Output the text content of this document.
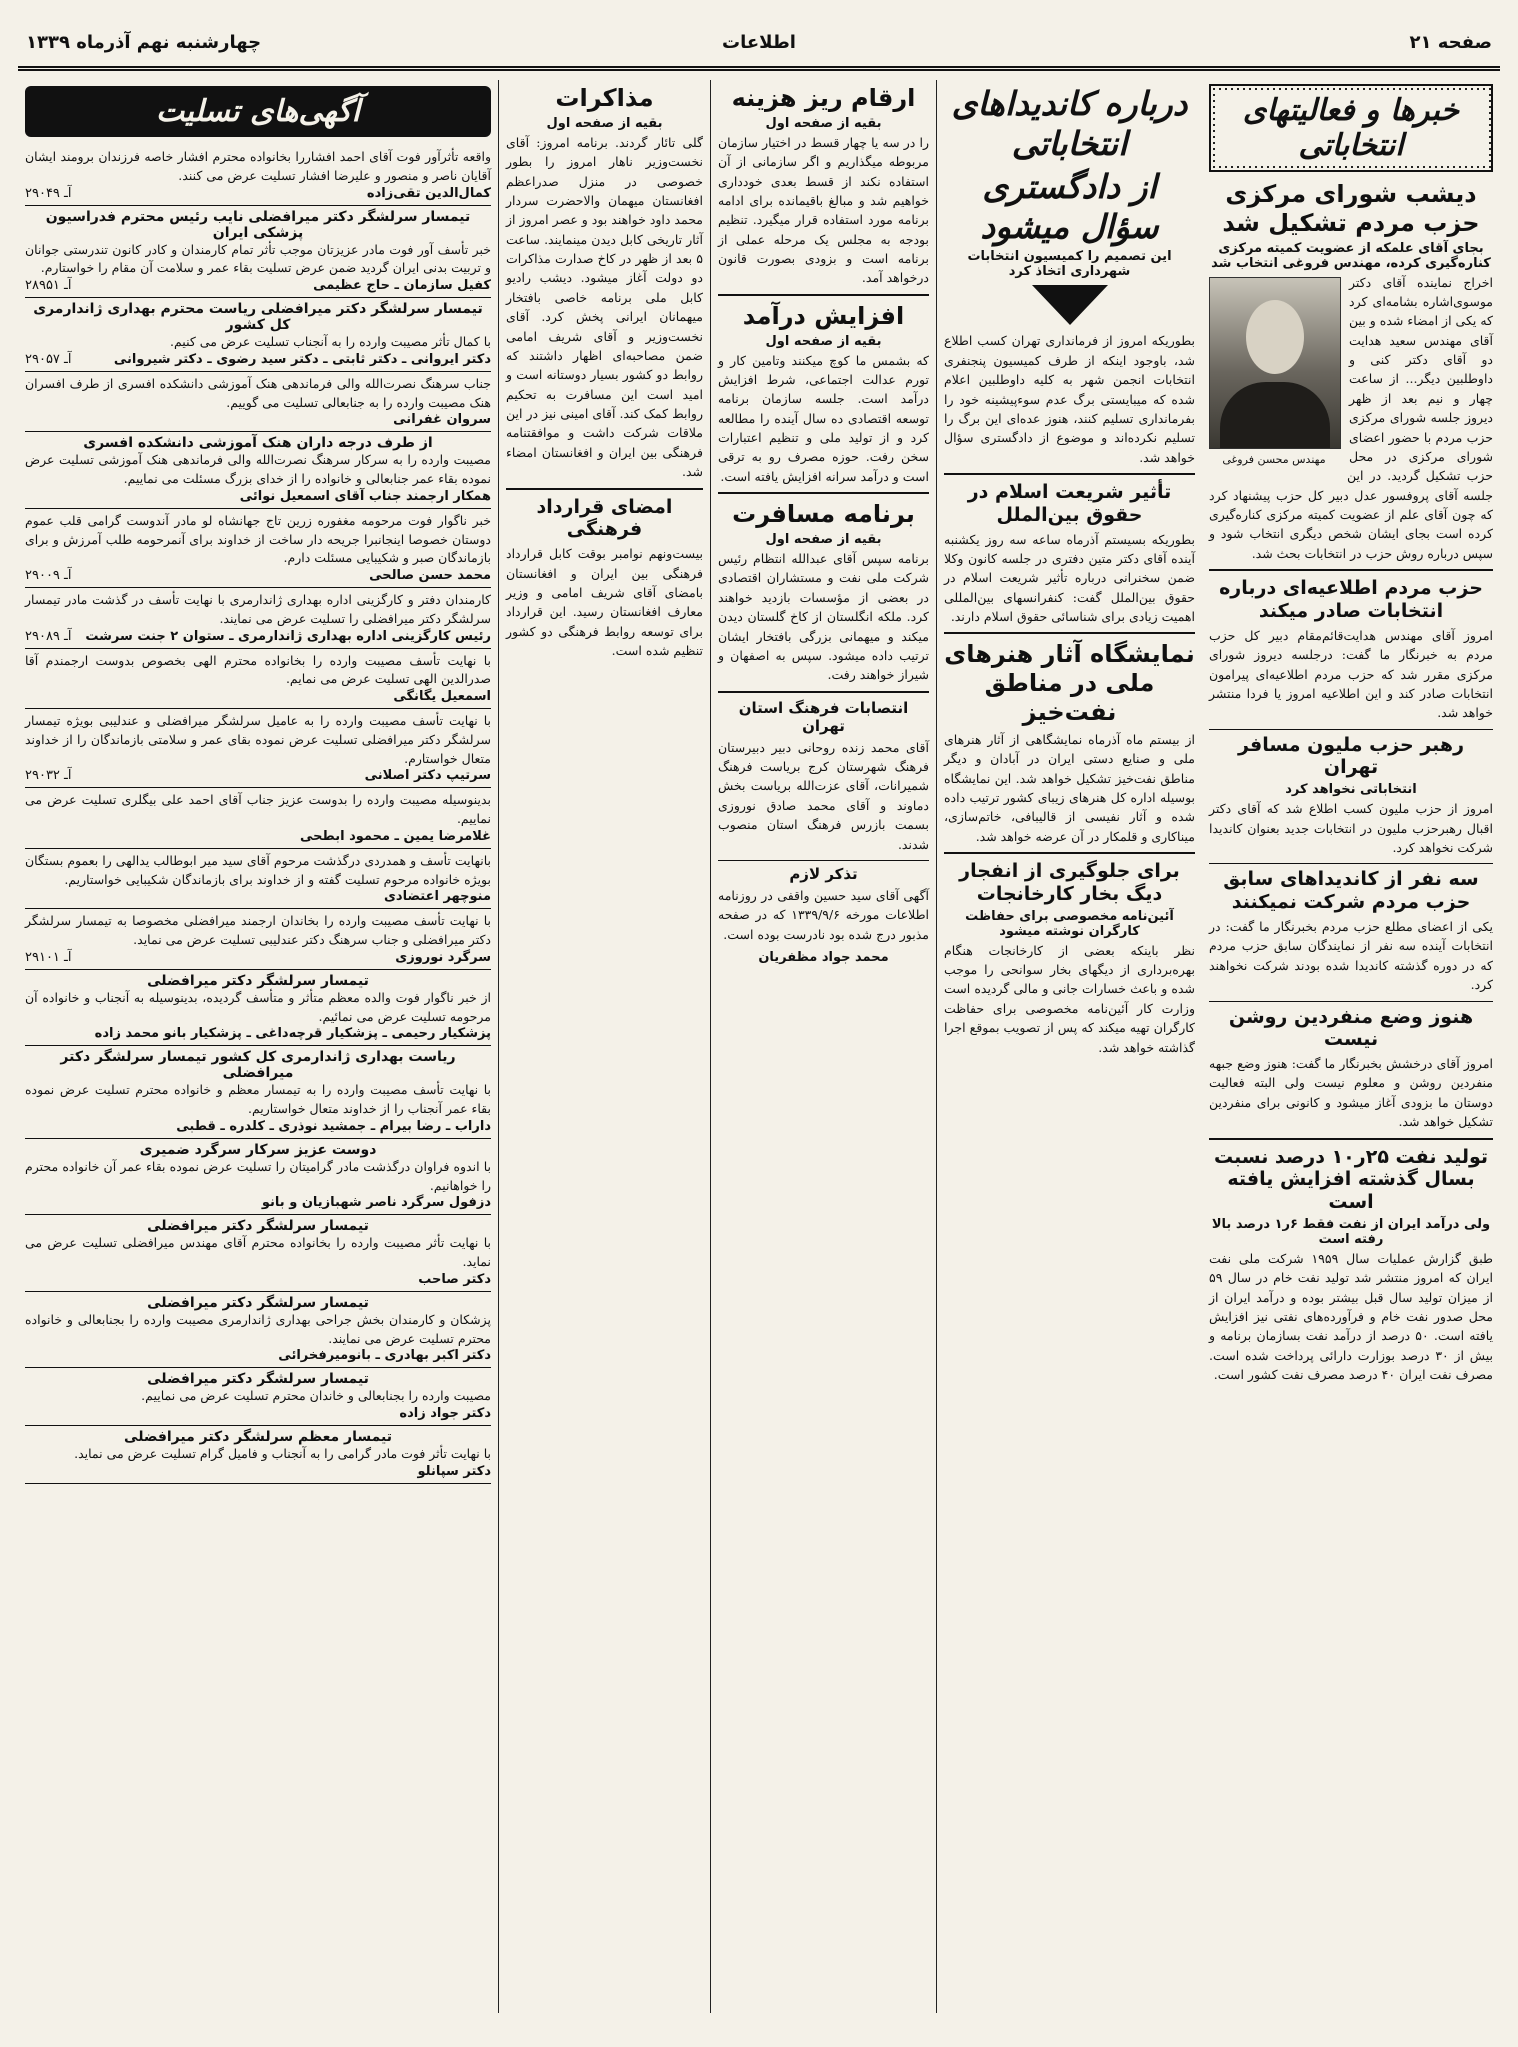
صفحه ۲۱
اطلاعات
چهارشنبه نهم آذرماه ۱۳۳۹
خبرها و فعالیتهای انتخاباتی
دیشب شورای مرکزی حزب مردم تشکیل شد
بجای آقای علمکه از عضویت کمیته مرکزی کناره‌گیری کرده، مهندس فروغی انتخاب شد
مهندس محسن فروغی
اخراج نماینده آقای دکتر موسوی‌اشاره بشامه‌ای کرد که یکی از امضاء شده و بین آقای مهندس سعید هدایت دو آقای دکتر کنی و داوطلبین دیگر... از ساعت چهار و نیم بعد از ظهر دیروز جلسه شورای مرکزی حزب مردم با حضور اعضای شورای مرکزی در محل حزب تشکیل گردید. در این جلسه آقای پروفسور عدل دبیر کل حزب پیشنهاد کرد که چون آقای علم از عضویت کمیته مرکزی کناره‌گیری کرده است بجای ایشان شخص دیگری انتخاب شود و سپس درباره روش حزب در انتخابات بحث شد.
حزب مردم اطلاعیه‌ای درباره انتخابات صادر میکند
امروز آقای مهندس هدایت‌قائم‌مقام دبیر کل حزب مردم به خبرنگار ما گفت: درجلسه دیروز شورای مرکزی مقرر شد که حزب مردم اطلاعیه‌ای پیرامون انتخابات صادر کند و این اطلاعیه امروز یا فردا منتشر خواهد شد.
رهبر حزب ملیون مسافر تهران
انتخاباتی نخواهد کرد
امروز از حزب ملیون کسب اطلاع شد که آقای دکتر اقبال رهبرحزب ملیون در انتخابات جدید بعنوان کاندیدا شرکت نخواهد کرد.
سه نفر از کاندیداهای سابق حزب مردم شرکت نمیکنند
یکی از اعضای مطلع حزب مردم بخبرنگار ما گفت: در انتخابات آینده سه نفر از نمایندگان سابق حزب مردم که در دوره گذشته کاندیدا شده بودند شرکت نخواهند کرد.
هنوز وضع منفردین روشن نیست
امروز آقای درخشش بخبرنگار ما گفت: هنوز وضع جبهه منفردین روشن و معلوم نیست ولی البته فعالیت دوستان ما بزودی آغاز میشود و کانونی برای منفردین تشکیل خواهد شد.
تولید نفت ۲۵ر۱۰ درصد نسبت بسال گذشته افزایش یافته است
ولی درآمد ایران از نفت فقط ۶ر۱ درصد بالا رفته است
طبق گزارش عملیات سال ۱۹۵۹ شرکت ملی نفت ایران که امروز منتشر شد تولید نفت خام در سال ۵۹ از میزان تولید سال قبل بیشتر بوده و درآمد ایران از محل صدور نفت خام و فرآورده‌های نفتی نیز افزایش یافته است. ۵۰ درصد از درآمد نفت بسازمان برنامه و بیش از ۳۰ درصد بوزارت دارائی پرداخت شده است. مصرف نفت ایران ۴۰ درصد مصرف نفت کشور است.
درباره کاندیداهای انتخاباتی
از دادگستری سؤال میشود
این تصمیم را کمیسیون انتخابات شهرداری اتخاذ کرد
بطوریکه امروز از فرمانداری تهران کسب اطلاع شد، باوجود اینکه از طرف کمیسیون پنجنفری انتخابات انجمن شهر به کلیه داوطلبین اعلام شده که میبایستی برگ عدم سوءپیشینه خود را بفرمانداری تسلیم کنند، هنوز عده‌ای این برگ را تسلیم نکرده‌اند و موضوع از دادگستری سؤال خواهد شد.
تأثیر شریعت اسلام در حقوق بین‌الملل
بطوریکه بسیستم آذرماه ساعه سه روز یکشنبه آینده آقای دکتر متین دفتری در جلسه کانون وکلا ضمن سخنرانی درباره تأثیر شریعت اسلام در حقوق بین‌الملل گفت: کنفرانسهای بین‌المللی اهمیت زیادی برای شناسائی حقوق اسلام دارند.
نمایشگاه آثار هنرهای ملی در مناطق نفت‌خیز
از بیستم ماه آذرماه نمایشگاهی از آثار هنرهای ملی و صنایع دستی ایران در آبادان و دیگر مناطق نفت‌خیز تشکیل خواهد شد. این نمایشگاه بوسیله اداره کل هنرهای زیبای کشور ترتیب داده شده و آثار نفیسی از قالیبافی، خاتم‌سازی، میناکاری و قلمکار در آن عرضه خواهد شد.
برای جلوگیری از انفجار دیگ بخار کارخانجات
آئین‌نامه مخصوصی برای حفاظت کارگران نوشته میشود
نظر باینکه بعضی از کارخانجات هنگام بهره‌برداری از دیگهای بخار سوانحی را موجب شده و باعث خسارات جانی و مالی گردیده است وزارت کار آئین‌نامه مخصوصی برای حفاظت کارگران تهیه میکند که پس از تصویب بموقع اجرا گذاشته خواهد شد.
ارقام ریز هزینه
بقیه از صفحه اول
را در سه یا چهار قسط در اختیار سازمان مربوطه میگذاریم و اگر سازمانی از آن استفاده نکند از قسط بعدی خودداری خواهیم شد و مبالغ باقیمانده برای ادامه برنامه مورد استفاده قرار میگیرد. تنظیم بودجه به مجلس یک مرحله عملی از برنامه است و بزودی بصورت قانون درخواهد آمد.
افزایش درآمد
بقیه از صفحه اول
که بشمس ما کوچ میکنند وتامین کار و تورم عدالت اجتماعی، شرط افزایش درآمد است. جلسه سازمان برنامه توسعه اقتصادی ده سال آینده را مطالعه کرد و از تولید ملی و تنظیم اعتبارات سخن رفت. حوزه مصرف رو به ترقی است و درآمد سرانه افزایش یافته است.
برنامه مسافرت
بقیه از صفحه اول
برنامه سپس آقای عبدالله انتظام رئیس شرکت ملی نفت و مستشاران اقتصادی در بعضی از مؤسسات بازدید خواهند کرد. ملکه انگلستان از کاخ گلستان دیدن میکند و میهمانی بزرگی بافتخار ایشان ترتیب داده میشود. سپس به اصفهان و شیراز خواهند رفت.
انتصابات فرهنگ استان تهران
آقای محمد زنده روحانی دبیر دبیرستان فرهنگ شهرستان کرج بریاست فرهنگ شمیرانات، آقای عزت‌الله بریاست بخش دماوند و آقای محمد صادق نوروزی بسمت بازرس فرهنگ استان منصوب شدند.
تذکر لازم
آگهی آقای سید حسین واقفی در روزنامه اطلاعات مورخه ۱۳۳۹/۹/۶ که در صفحه مذبور درج شده بود نادرست بوده است.
محمد جواد مظفریان
مذاکرات
بقیه از صفحه اول
گلی تائار گردند. برنامه امروز: آقای نخست‌وزیر ناهار امروز را بطور خصوصی در منزل صدراعظم افغانستان میهمان والاحضرت سردار محمد داود خواهند بود و عصر امروز از آثار تاریخی کابل دیدن مینمایند. ساعت ۵ بعد از ظهر در کاخ صدارت مذاکرات دو دولت آغاز میشود. دیشب رادیو کابل ملی برنامه خاصی بافتخار میهمانان ایرانی پخش کرد. آقای نخست‌وزیر و آقای شریف امامی ضمن مصاحبه‌ای اظهار داشتند که روابط دو کشور بسیار دوستانه است و امید است این مسافرت به تحکیم روابط کمک کند. آقای امینی نیز در این ملاقات شرکت داشت و موافقتنامه فرهنگی بین ایران و افغانستان امضاء شد.
امضای قرارداد فرهنگی
بیست‌ونهم نوامبر بوقت کابل قرارداد فرهنگی بین ایران و افغانستان بامضای آقای شریف امامی و وزیر معارف افغانستان رسید. این قرارداد برای توسعه روابط فرهنگی دو کشور تنظیم شده است.
آگهی‌های تسلیت
واقعه تأثرآور فوت آقای احمد افشاررا بخانواده محترم افشار خاصه فرزندان برومند ایشان آقایان ناصر و منصور و علیرضا افشار تسلیت عرض می کنند.
کمال‌الدین تقی‌زاده
آـ ۲۹۰۴۹
تیمسار سرلشگر دکتر میرافضلی نایب رئیس محترم فدراسیون پزشکی ایران
خبر تأسف آور فوت مادر عزیزتان موجب تأثر تمام کارمندان و کادر کانون تندرستی جوانان و تربیت بدنی ایران گردید ضمن عرض تسلیت بقاء عمر و سلامت آن مقام را خواستارم.
کفیل سازمان ـ حاج عظیمی
آـ ۲۸۹۵۱
تیمسار سرلشگر دکتر میرافضلی ریاست محترم بهداری ژاندارمری کل کشور
با کمال تأثر مصیبت وارده را به آنجناب تسلیت عرض می کنیم.
دکتر ایروانی ـ دکتر ثابتی ـ دکتر سید رضوی ـ دکتر شیروانی
آـ ۲۹۰۵۷
جناب سرهنگ نصرت‌الله والی فرماندهی هنک آموزشی دانشکده افسری از طرف افسران هنک مصیبت وارده را به جنابعالی تسلیت می گوییم.
سروان غفرانی
از طرف درجه داران هنک آموزشی دانشکده افسری
مصیبت وارده را به سرکار سرهنگ نصرت‌الله والی فرماندهی هنک آموزشی تسلیت عرض نموده بقاء عمر جنابعالی و خانواده را از خدای بزرگ مسئلت می نماییم.
همکار ارجمند جناب آقای اسمعیل نوائی
خبر ناگوار فوت مرحومه مغفوره زرین تاج جهانشاه لو مادر آندوست گرامی قلب عموم دوستان خصوصا اینجانبرا جریحه دار ساخت از خداوند برای آنمرحومه طلب آمرزش و برای بازماندگان صبر و شکیبایی مسئلت دارم.
محمد حسن صالحی
آـ ۲۹۰۰۹
کارمندان دفتر و کارگزینی اداره بهداری ژاندارمری با نهایت تأسف در گذشت مادر تیمسار سرلشگر دکتر میرافضلی را تسلیت عرض می نمایند.
رئیس کارگزینی اداره بهداری ژاندارمری ـ ستوان ۲ جنت سرشت
آـ ۲۹۰۸۹
با نهایت تأسف مصیبت وارده را بخانواده محترم الهی بخصوص بدوست ارجمندم آقا صدرالدین الهی تسلیت عرض می نمایم.
اسمعیل یگانگی
با نهایت تأسف مصیبت وارده را به عامیل سرلشگر میرافضلی و عندلیبی بویژه تیمسار سرلشگر دکتر میرافضلی تسلیت عرض نموده بقای عمر و سلامتی بازماندگان را از خداوند متعال خواستارم.
سرتیپ دکتر اصلانی
آـ ۲۹۰۳۲
بدینوسیله مصیبت وارده را بدوست عزیز جناب آقای احمد علی بیگلری تسلیت عرض می نماییم.
غلامرضا یمین ـ محمود ابطحی
بانهایت تأسف و همدردی درگذشت مرحوم آقای سید میر ابوطالب یدالهی را بعموم بستگان بویژه خانواده مرحوم تسلیت گفته و از خداوند برای بازماندگان شکیبایی خواستاریم.
منوچهر اعتضادی
با نهایت تأسف مصیبت وارده را بخاندان ارجمند میرافضلی مخصوصا به تیمسار سرلشگر دکتر میرافضلی و جناب سرهنگ دکتر عندلیبی تسلیت عرض می نماید.
سرگرد نوروزی
آـ ۲۹۱۰۱
تیمسار سرلشگر دکتر میرافضلی
از خبر ناگوار فوت والده معظم متأثر و متأسف گردیده، بدینوسیله به آنجناب و خانواده آن مرحومه تسلیت عرض می نمائیم.
پزشکیار رحیمی ـ پزشکیار قرچه‌داغی ـ پزشکیار بانو محمد زاده
ریاست بهداری ژاندارمری کل کشور تیمسار سرلشگر دکتر میرافضلی
با نهایت تأسف مصیبت وارده را به تیمسار معظم و خانواده محترم تسلیت عرض نموده بقاء عمر آنجناب را از خداوند متعال خواستاریم.
داراب ـ رضا بیرام ـ جمشید نوذری ـ کلدره ـ قطبی
دوست عزیز سرکار سرگرد ضمیری
با اندوه فراوان درگذشت مادر گرامیتان را تسلیت عرض نموده بقاء عمر آن خانواده محترم را خواهانیم.
دزفول سرگرد ناصر شهبازیان و بانو
تیمسار سرلشگر دکتر میرافضلی
با نهایت تأثر مصیبت وارده را بخانواده محترم آقای مهندس میرافضلی تسلیت عرض می نماید.
دکتر صاحب
تیمسار سرلشگر دکتر میرافضلی
پزشکان و کارمندان بخش جراحی بهداری ژاندارمری مصیبت وارده را بجنابعالی و خانواده محترم تسلیت عرض می نمایند.
دکتر اکبر بهادری ـ بانومیرفخرائی
تیمسار سرلشگر دکتر میرافضلی
مصیبت وارده را بجنابعالی و خاندان محترم تسلیت عرض می نماییم.
دکتر جواد زاده
تیمسار معظم سرلشگر دکتر میرافضلی
با نهایت تأثر فوت مادر گرامی را به آنجناب و فامیل گرام تسلیت عرض می نماید.
دکتر سپانلو
